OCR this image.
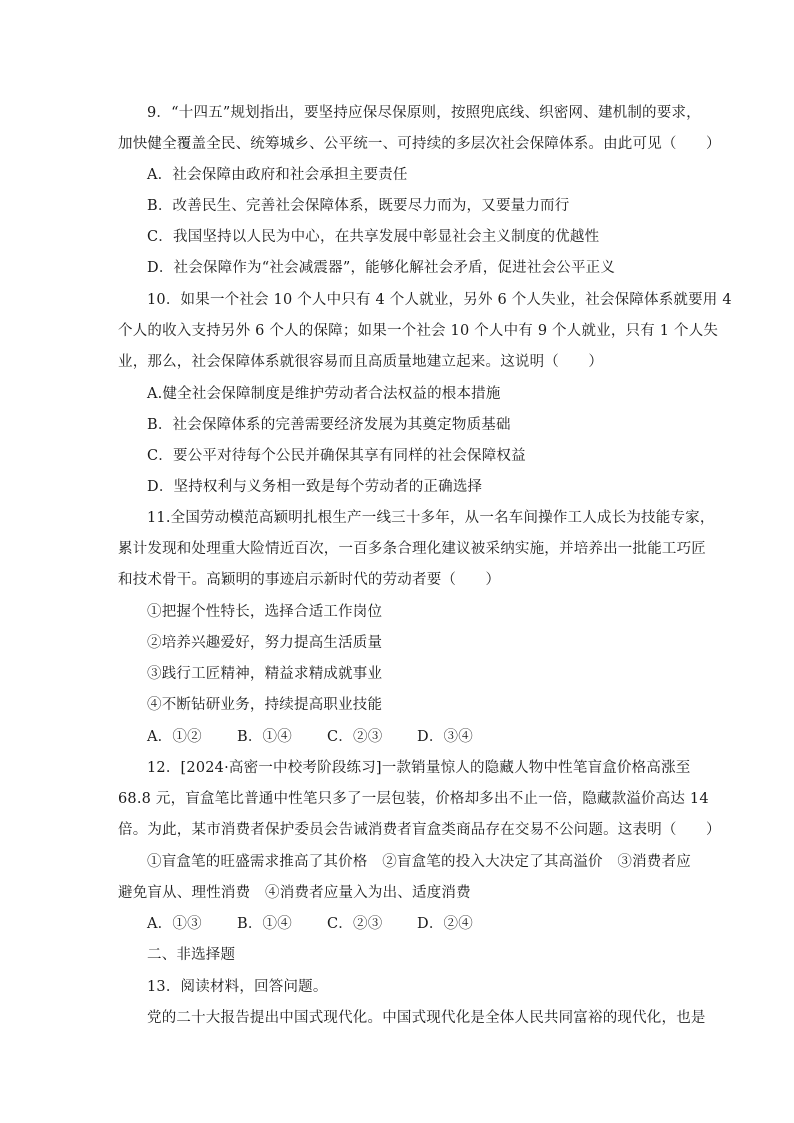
9．“十四五”规划指出，要坚持应保尽保原则，按照兜底线、织密网、建机制的要求，
加快健全覆盖全民、统筹城乡、公平统一、可持续的多层次社会保障体系。由此可见（　　）
A．社会保障由政府和社会承担主要责任
B．改善民生、完善社会保障体系，既要尽力而为，又要量力而行
C．我国坚持以人民为中心，在共享发展中彰显社会主义制度的优越性
D．社会保障作为“社会减震器”，能够化解社会矛盾，促进社会公平正义
10．如果一个社会 10 个人中只有 4 个人就业，另外 6 个人失业，社会保障体系就要用 4
个人的收入支持另外 6 个人的保障；如果一个社会 10 个人中有 9 个人就业，只有 1 个人失
业，那么，社会保障体系就很容易而且高质量地建立起来。这说明（　　）
A.健全社会保障制度是维护劳动者合法权益的根本措施
B．社会保障体系的完善需要经济发展为其奠定物质基础
C．要公平对待每个公民并确保其享有同样的社会保障权益
D．坚持权利与义务相一致是每个劳动者的正确选择
11.全国劳动模范高颖明扎根生产一线三十多年，从一名车间操作工人成长为技能专家，
累计发现和处理重大险情近百次，一百多条合理化建议被采纳实施，并培养出一批能工巧匠
和技术骨干。高颖明的事迹启示新时代的劳动者要（　　）
①把握个性特长，选择合适工作岗位
②培养兴趣爱好，努力提高生活质量
③践行工匠精神，精益求精成就事业
④不断钻研业务，持续提高职业技能
A．①②	B．①④	C．②③	D．③④
12．[2024·高密一中校考阶段练习]一款销量惊人的隐藏人物中性笔盲盒价格高涨至
68.8 元，盲盒笔比普通中性笔只多了一层包装，价格却多出不止一倍，隐藏款溢价高达 14
倍。为此，某市消费者保护委员会告诫消费者盲盒类商品存在交易不公问题。这表明（　　）
①盲盒笔的旺盛需求推高了其价格　②盲盒笔的投入大决定了其高溢价　③消费者应
避免盲从、理性消费　④消费者应量入为出、适度消费
A．①③	B．①④	C．②③	D．②④
二、非选择题
13．阅读材料，回答问题。
党的二十大报告提出中国式现代化。中国式现代化是全体人民共同富裕的现代化，也是
